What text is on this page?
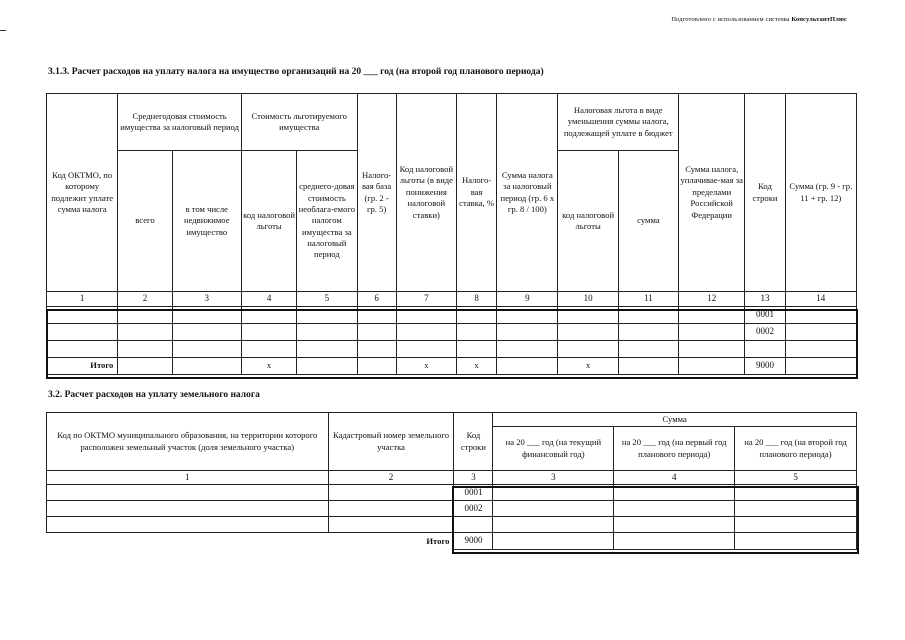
Подготовлено с использованием системы КонсультантПлюс
3.1.3. Расчет расходов на уплату налога на имущество организаций на 20 ___ год (на второй год планового периода)
Код ОКТМО, по которому подлежит уплате сумма налога	Среднегодовая стоимость имущества за налоговый период		Стоимость льготируемого имущества		Налого-вая база (гр. 2 - гр. 5)	Код налоговой льготы (в виде понижения налоговой ставки)	Налого-вая ставка, %	Сумма налога за налоговый период (гр. 6 х гр. 8 / 100)	Налоговая льгота в виде уменьшения суммы налога, подлежащей уплате в бюджет		Сумма налога, уплачивае-мая за пределами Российской Федерации	Код строки	Сумма (гр. 9 - гр. 11 + гр. 12)
	всего	в том числе недвижимое имущество	код налоговой льготы	среднего-довая стоимость необлага-емого налогом имущества за налоговый период					код налоговой льготы	сумма			
1	2	3	4	5	6	7	8	9	10	11	12	13	14
												0001	
												0002	

Итого			x			x	x		x			9000	
3.2. Расчет расходов на уплату земельного налога
Код по ОКТМО муниципального образования, на территории которого расположен земельный участок (доля земельного участка)	Кадастровый номер земельного участка	Код строки	Сумма		
			на 20 ___ год (на текущий финансовый год)	на 20 ___ год (на первый год планового периода)	на 20 ___ год (на второй год планового периода)
1	2	3	3	4	5
		0001			
		0002			

	Итого	9000			
